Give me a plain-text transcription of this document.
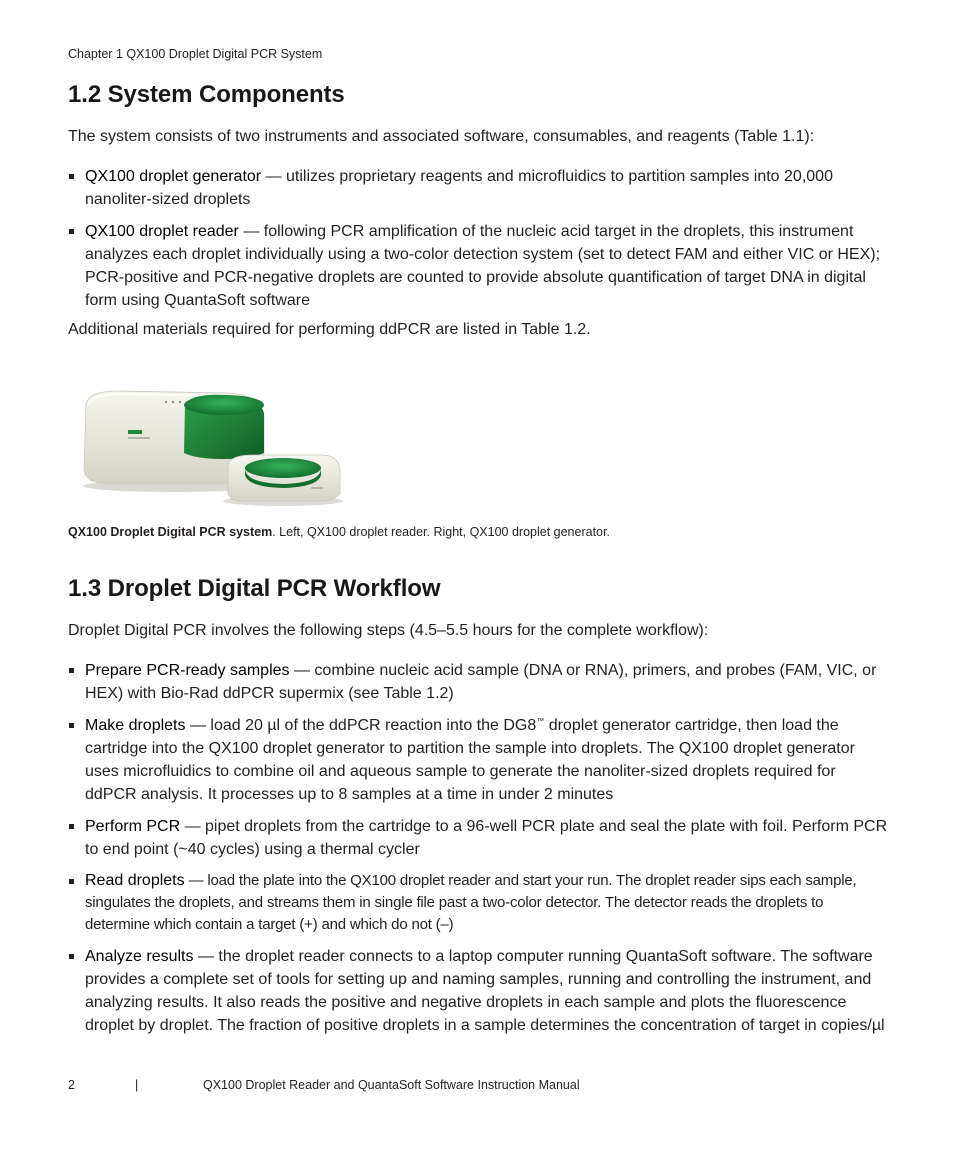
Chapter 1 QX100 Droplet Digital PCR System
1.2 System Components

The system consists of two instruments and associated software, consumables, and reagents (Table 1.1):

QX100 droplet generator — utilizes proprietary reagents and microfluidics to partition samples into 20,000 nanoliter-sized droplets
QX100 droplet reader — following PCR amplification of the nucleic acid target in the droplets, this instrument analyzes each droplet individually using a two-color detection system (set to detect FAM and either VIC or HEX); PCR-positive and PCR-negative droplets are counted to provide absolute quantification of target DNA in digital form using QuantaSoft software

Additional materials required for performing ddPCR are listed in Table 1.2.

QX100 Droplet Digital PCR system. Left, QX100 droplet reader. Right, QX100 droplet generator.
1.3 Droplet Digital PCR Workflow

Droplet Digital PCR involves the following steps (4.5–5.5 hours for the complete workflow):

Prepare PCR-ready samples — combine nucleic acid sample (DNA or RNA), primers, and probes (FAM, VIC, or HEX) with Bio-Rad ddPCR supermix (see Table 1.2)
Make droplets — load 20 µl of the ddPCR reaction into the DG8™ droplet generator cartridge, then load the cartridge into the QX100 droplet generator to partition the sample into droplets. The QX100 droplet generator uses microfluidics to combine oil and aqueous sample to generate the nanoliter-sized droplets required for ddPCR analysis. It processes up to 8 samples at a time in under 2 minutes
Perform PCR — pipet droplets from the cartridge to a 96-well PCR plate and seal the plate with foil. Perform PCR to end point (~40 cycles) using a thermal cycler
Read droplets — load the plate into the QX100 droplet reader and start your run. The droplet reader sips each sample, singulates the droplets, and streams them in single file past a two-color detector. The detector reads the droplets to determine which contain a target (+) and which do not (–)
Analyze results — the droplet reader connects to a laptop computer running QuantaSoft software. The software provides a complete set of tools for setting up and naming samples, running and controlling the instrument, and analyzing results. It also reads the positive and negative droplets in each sample and plots the fluorescence droplet by droplet. The fraction of positive droplets in a sample determines the concentration of target in copies/µl
2	|	QX100 Droplet Reader and QuantaSoft Software Instruction Manual
